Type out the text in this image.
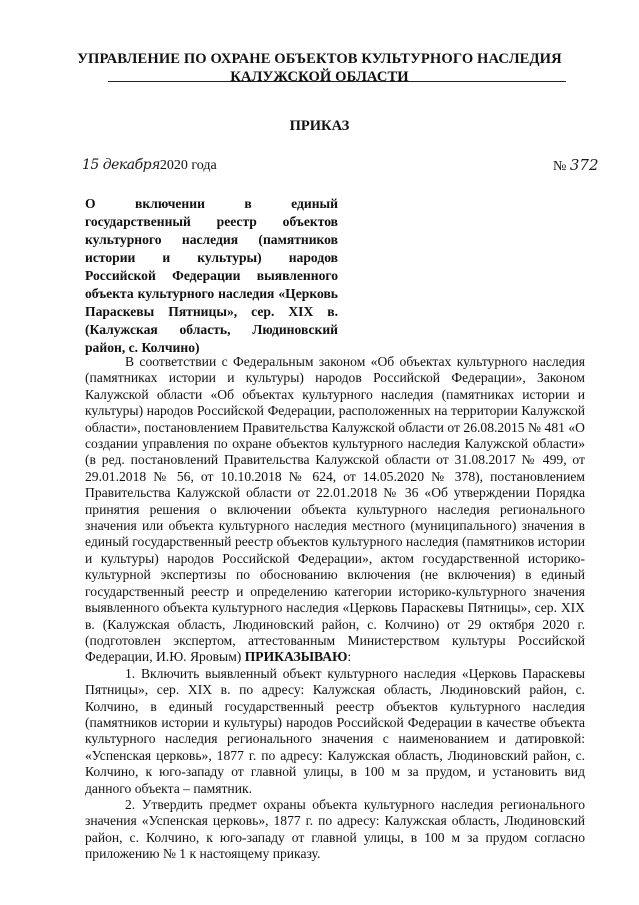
УПРАВЛЕНИЕ ПО ОХРАНЕ ОБЪЕКТОВ КУЛЬТУРНОГО НАСЛЕДИЯ
КАЛУЖСКОЙ ОБЛАСТИ
ПРИКАЗ
15 декабря2020 года	№ 372
О включении в единый государственный реестр объектов культурного наследия (памятников истории и культуры) народов Российской Федерации выявленного объекта культурного наследия «Церковь Параскевы Пятницы», сер. XIX в. (Калужская область, Людиновский район, с. Колчино)

В соответствии с Федеральным законом «Об объектах культурного наследия (памятниках истории и культуры) народов Российской Федерации», Законом Калужской области «Об объектах культурного наследия (памятниках истории и культуры) народов Российской Федерации, расположенных на территории Калужской области», постановлением Правительства Калужской области от 26.08.2015 № 481 «О создании управления по охране объектов культурного наследия Калужской области» (в ред. постановлений Правительства Калужской области от 31.08.2017 № 499, от 29.01.2018 № 56, от 10.10.2018 № 624, от 14.05.2020 № 378), постановлением Правительства Калужской области от 22.01.2018 № 36 «Об утверждении Порядка принятия решения о включении объекта культурного наследия регионального значения или объекта культурного наследия местного (муниципального) значения в единый государственный реестр объектов культурного наследия (памятников истории и культуры) народов Российской Федерации», актом государственной историко-культурной экспертизы по обоснованию включения (не включения) в единый государственный реестр и определению категории историко-культурного значения выявленного объекта культурного наследия «Церковь Параскевы Пятницы», сер. XIX в. (Калужская область, Людиновский район, с. Колчино) от 29 октября 2020 г. (подготовлен экспертом, аттестованным Министерством культуры Российской Федерации, И.Ю. Яровым) ПРИКАЗЫВАЮ:

1. Включить выявленный объект культурного наследия «Церковь Параскевы Пятницы», сер. XIX в. по адресу: Калужская область, Людиновский район, с. Колчино, в единый государственный реестр объектов культурного наследия (памятников истории и культуры) народов Российской Федерации в качестве объекта культурного наследия регионального значения с наименованием и датировкой: «Успенская церковь», 1877 г. по адресу: Калужская область, Людиновский район, с. Колчино, к юго-западу от главной улицы, в 100 м за прудом, и установить вид данного объекта – памятник.

2. Утвердить предмет охраны объекта культурного наследия регионального значения «Успенская церковь», 1877 г. по адресу: Калужская область, Людиновский район, с. Колчино, к юго-западу от главной улицы, в 100 м за прудом согласно приложению № 1 к настоящему приказу.
